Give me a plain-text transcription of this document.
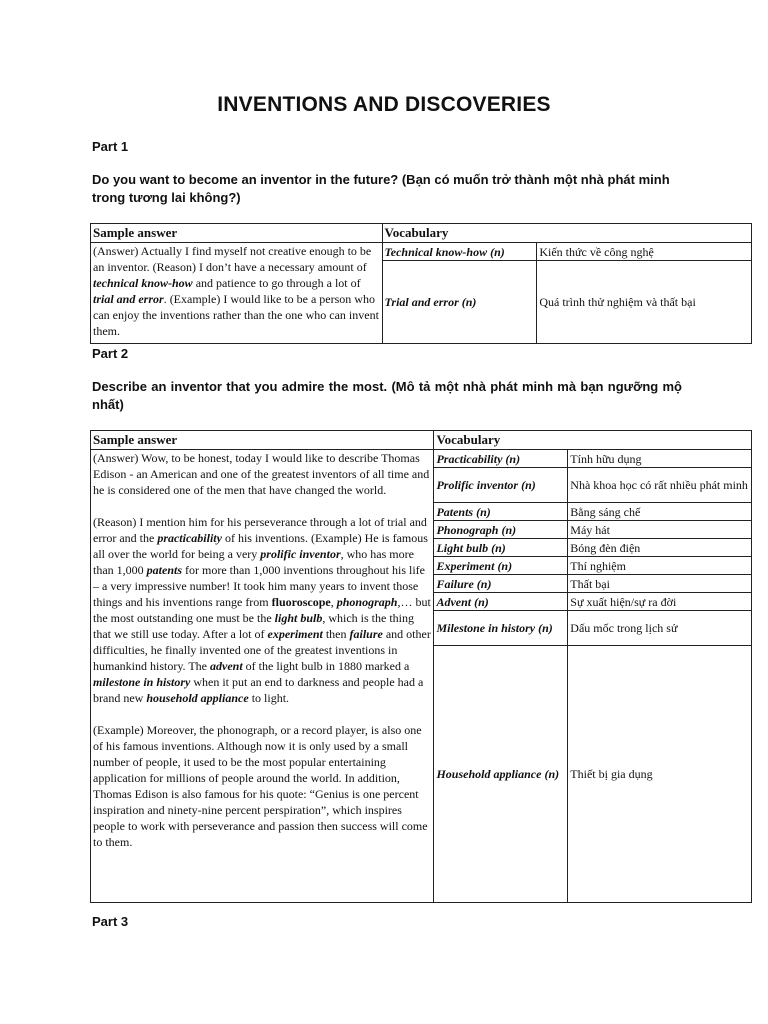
INVENTIONS AND DISCOVERIES
Part 1
Do you want to become an inventor in the future? (Bạn có muốn trở thành một nhà phát minh trong tương lai không?)
Sample answer	Vocabulary	
(Answer) Actually I find myself not creative enough to be an inventor. (Reason) I don’t have a necessary amount of technical know-how and patience to go through a lot of trial and error. (Example) I would like to be a person who can enjoy the inventions rather than the one who can invent them.	Technical know-how (n)	Kiến thức về công nghệ
	Trial and error (n)	Quá trình thử nghiệm và thất bại
Part 2
Describe an inventor that you admire the most. (Mô tả một nhà phát minh mà bạn ngưỡng mộ nhất)
Sample answer	Vocabulary	

(Answer) Wow, to be honest, today I would like to describe Thomas Edison - an American and one of the greatest inventors of all time and he is considered one of the men that have changed the world.

(Reason) I mention him for his perseverance through a lot of trial and error and the practicability of his inventions. (Example) He is famous all over the world for being a very prolific inventor, who has more than 1,000 patents for more than 1,000 inventions throughout his life – a very impressive number! It took him many years to invent those things and his inventions range from fluoroscope, phonograph,… but the most outstanding one must be the light bulb, which is the thing that we still use today. After a lot of experiment then failure and other difficulties, he finally invented one of the greatest inventions in humankind history. The advent of the light bulb in 1880 marked a milestone in history when it put an end to darkness and people had a brand new household appliance to light.

(Example) Moreover, the phonograph, or a record player, is also one of his famous inventions. Although now it is only used by a small number of people, it used to be the most popular entertaining application for millions of people around the world. In addition, Thomas Edison is also famous for his quote: “Genius is one percent inspiration and ninety-nine percent perspiration”, which inspires people to work with perseverance and passion then success will come to them.	Practicability (n)	Tính hữu dụng
	Prolific inventor (n)	Nhà khoa học có rất nhiều phát minh
	Patents (n)	Bằng sáng chế
	Phonograph (n)	Máy hát
	Light bulb (n)	Bóng đèn điện
	Experiment (n)	Thí nghiệm
	Failure (n)	Thất bại
	Advent (n)	Sự xuất hiện/sự ra đời
	Milestone in history (n)	Dấu mốc trong lịch sử
	Household appliance (n)	Thiết bị gia dụng
Part 3
